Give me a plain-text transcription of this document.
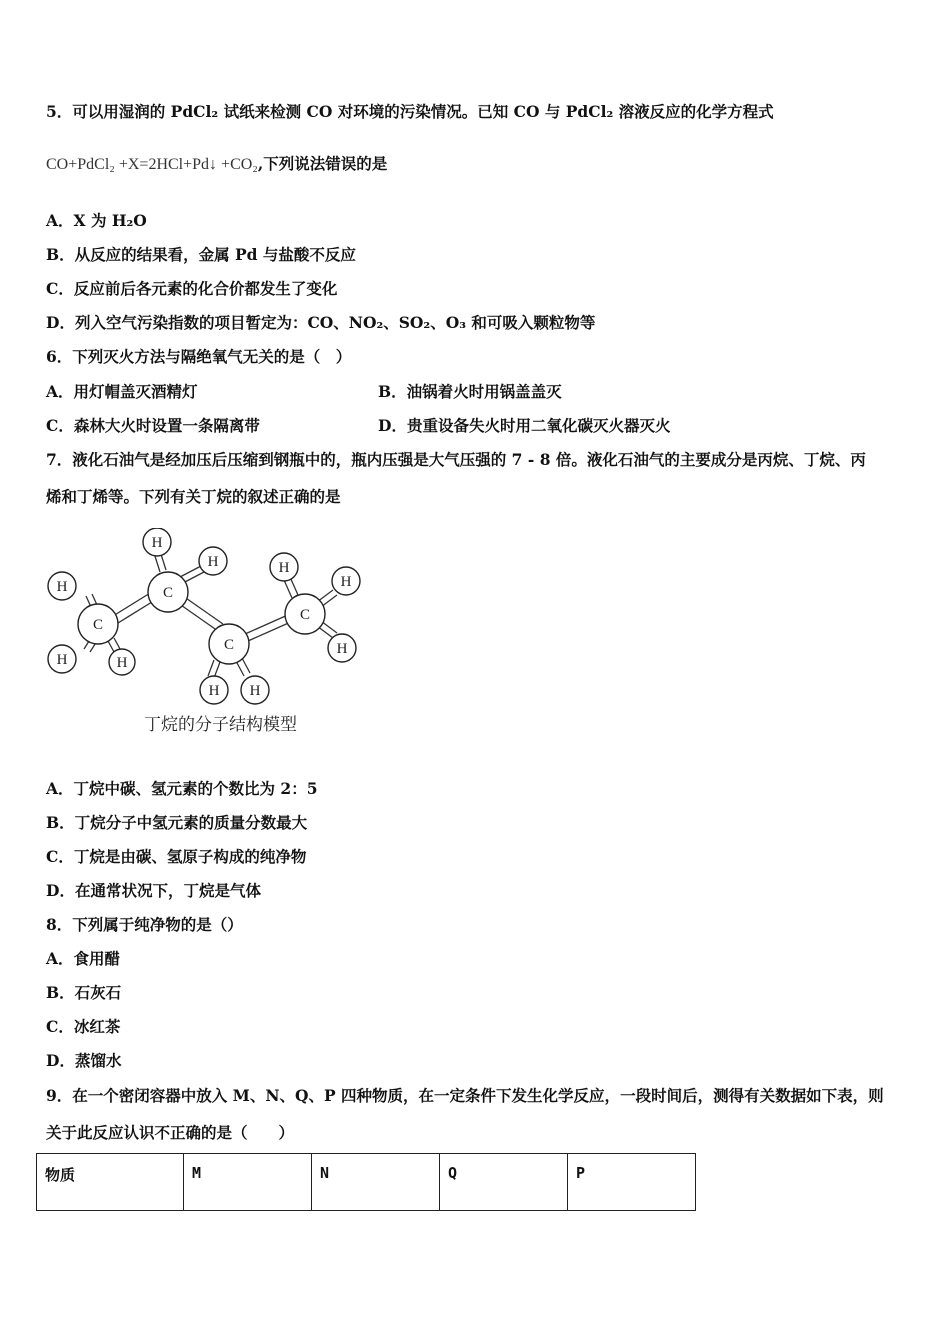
5．可以用湿润的 PdCl₂ 试纸来检测 CO 对环境的污染情况。已知 CO 与 PdCl₂ 溶液反应的化学方程式
CO+PdCl₂ +X=2HCl+Pd↓ +CO₂,下列说法错误的是
A．X 为 H₂O
B．从反应的结果看，金属 Pd 与盐酸不反应
C．反应前后各元素的化合价都发生了变化
D．列入空气污染指数的项目暂定为：CO、NO₂、SO₂、O₃ 和可吸入颗粒物等
6．下列灭火方法与隔绝氧气无关的是（　）
A．用灯帽盖灭酒精灯	B．油锅着火时用锅盖盖灭
C．森林大火时设置一条隔离带	D．贵重设备失火时用二氧化碳灭火器灭火
7．液化石油气是经加压后压缩到钢瓶中的，瓶内压强是大气压强的 7 - 8 倍。液化石油气的主要成分是丙烷、丁烷、丙
烯和丁烯等。下列有关丁烷的叙述正确的是
H
H	H
H
H
H H
H
H
H
C
C
C
C
丁烷的分子结构模型
A．丁烷中碳、氢元素的个数比为 2：5
B．丁烷分子中氢元素的质量分数最大
C．丁烷是由碳、氢原子构成的纯净物
D．在通常状况下，丁烷是气体
8．下列属于纯净物的是（）
A．食用醋
B．石灰石
C．冰红茶
D．蒸馏水
9．在一个密闭容器中放入 M、N、Q、P 四种物质，在一定条件下发生化学反应，一段时间后，测得有关数据如下表，则
关于此反应认识不正确的是（　　）
物质	M	N	Q	P
